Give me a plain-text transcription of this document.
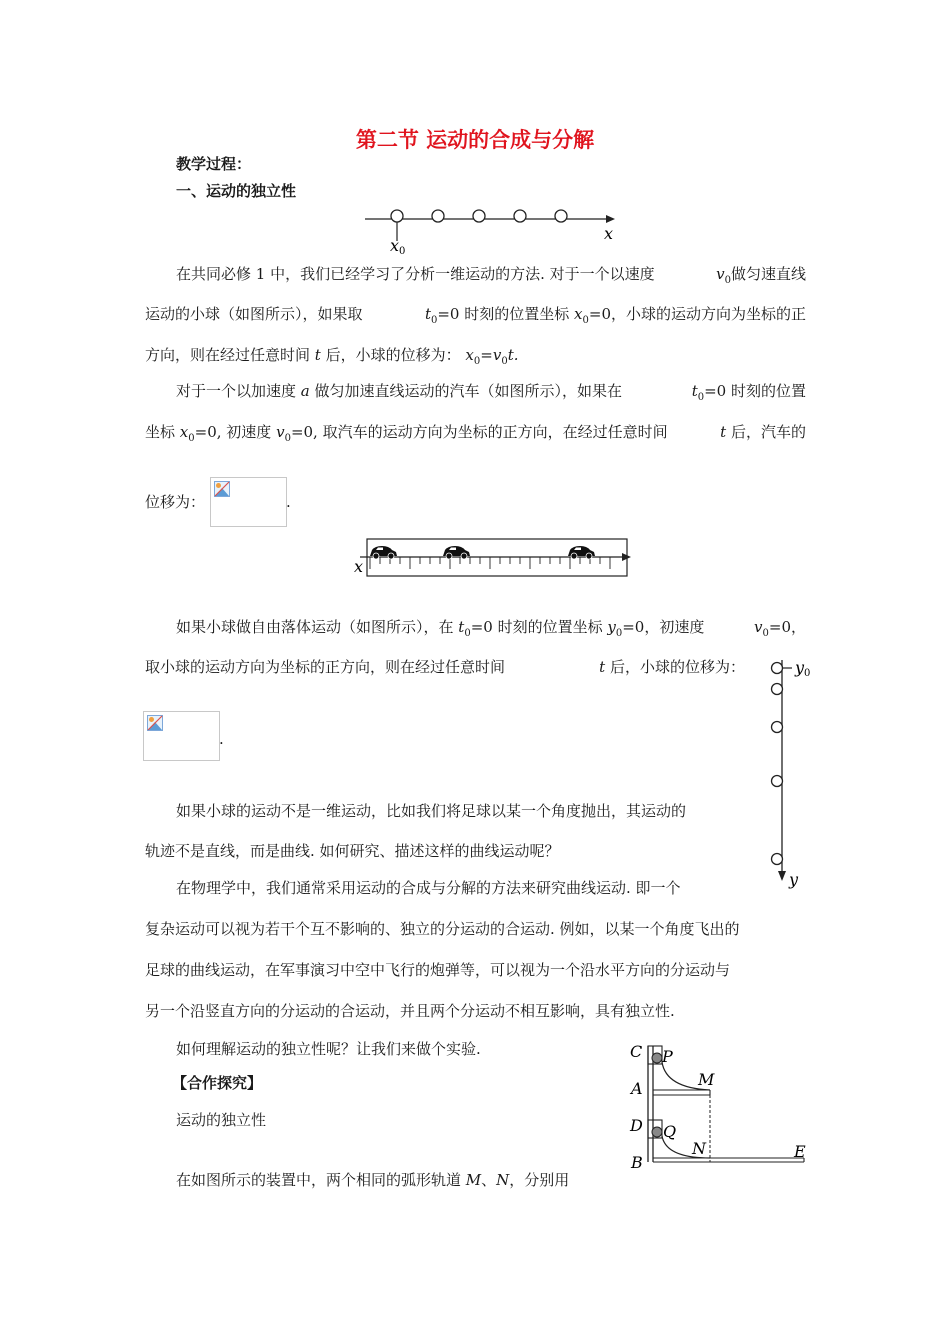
第二节 运动的合成与分解
教学过程：
一、运动的独立性
x0
x
在共同必修 1 中，我们已经学习了分析一维运动的方法. 对于一个以速度	$v_0$做匀速直线
运动的小球（如图所示），如果取	$t_0=0$ 时刻的位置坐标 $x_0=0$，小球的运动方向为坐标的正
方向，则在经过任意时间 t 后，小球的位移为： $x_0=v_0t$.
对于一个以加速度 a 做匀加速直线运动的汽车（如图所示），如果在	$t_0=0$ 时刻的位置
坐标 $x_0=0$, 初速度 $v_0=0$, 取汽车的运动方向为坐标的正方向，在经过任意时间	t 后，汽车的
位移为：	.
x
如果小球做自由落体运动（如图所示），在 $t_0=0$ 时刻的位置坐标 $y_0=0$，初速度	$v_0=0$，
取小球的运动方向为坐标的正方向，则在经过任意时间	t 后，小球的位移为：
.
y0
y
如果小球的运动不是一维运动，比如我们将足球以某一个角度抛出，其运动的
轨迹不是直线，而是曲线. 如何研究、描述这样的曲线运动呢？
在物理学中，我们通常采用运动的合成与分解的方法来研究曲线运动. 即一个
复杂运动可以视为若干个互不影响的、独立的分运动的合运动. 例如，以某一个角度飞出的
足球的曲线运动，在军事演习中空中飞行的炮弹等，可以视为一个沿水平方向的分运动与
另一个沿竖直方向的分运动的合运动，并且两个分运动不相互影响，具有独立性.
如何理解运动的独立性呢？让我们来做个实验.
【合作探究】
运动的独立性
在如图所示的装置中，两个相同的弧形轨道 M、N，分别用
C P
M
A
D Q
N
B
E
